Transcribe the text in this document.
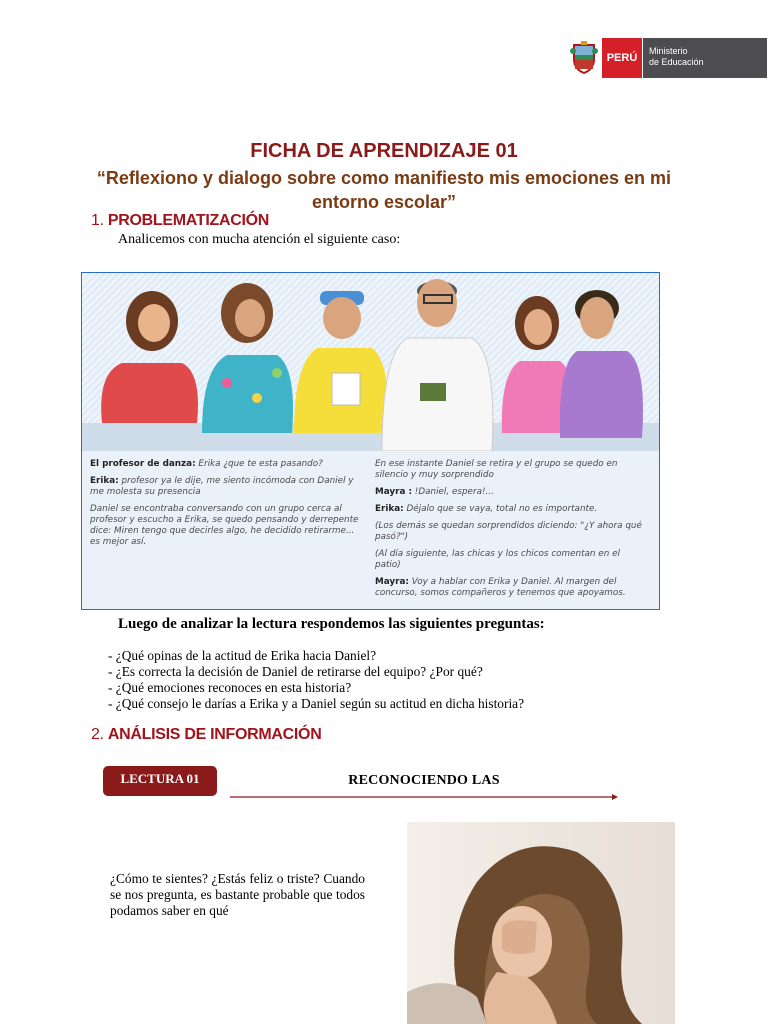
PERÚ
Ministerio
de Educación
FICHA DE APRENDIZAJE 01
“Reflexiono y dialogo sobre como manifiesto mis emociones en mi entorno escolar”
1. PROBLEMATIZACIÓN
Analicemos con mucha atención el siguiente caso:

El profesor de danza: Erika ¿que te esta pasando?

Erika: profesor ya le dije, me siento incómoda con Daniel y me molesta su presencia

Daniel se encontraba conversando con un grupo cerca al profesor y escucho a Erika, se quedo pensando y derrepente dice: Miren tengo que decirles algo, he decidido retirarme... es mejor así.

En ese instante Daniel se retira y el grupo se quedo en silencio y muy sorprendido

Mayra : !Daniel, espera!...

Erika: Déjalo que se vaya, total no es importante.

(Los demás se quedan sorprendidos diciendo: "¿Y ahora qué pasó?")

(Al día siguiente, las chicas y los chicos comentan en el patio)

Mayra: Voy a hablar con Erika y Daniel. Al margen del concurso, somos compañeros y tenemos que apoyamos.

Luego de analizar la lectura respondemos las siguientes preguntas:
- ¿Qué opinas de la actitud de Erika hacia Daniel?
- ¿Es correcta la decisión de Daniel de retirarse del equipo? ¿Por qué?
- ¿Qué emociones reconoces en esta historia?
- ¿Qué consejo le darías a Erika y a Daniel según su actitud en dicha historia?
2. ANÁLISIS DE INFORMACIÓN
LECTURA 01	RECONOCIENDO LAS
¿Cómo te sientes? ¿Estás feliz o triste? Cuando se nos pregunta, es bastante probable que todos podamos saber en qué
